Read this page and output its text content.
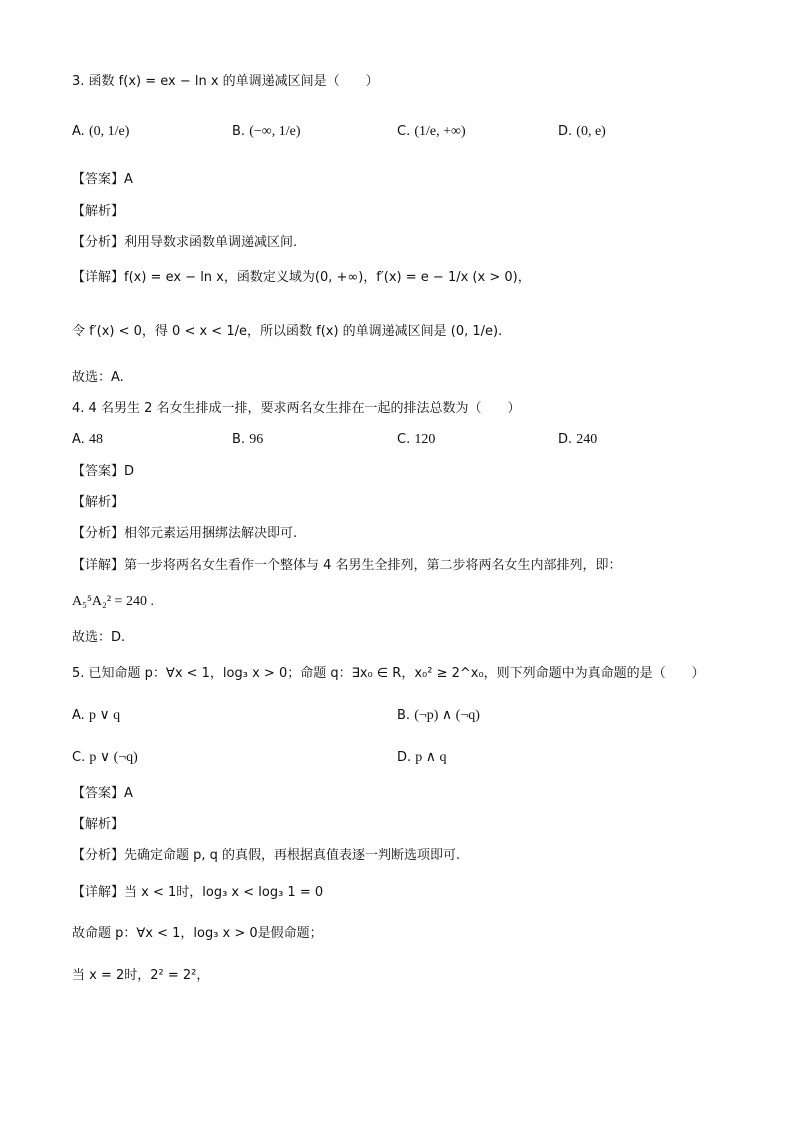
3. 函数 f(x) = ex − ln x 的单调递减区间是（　　）
A. (0, 1/e)	B. (−∞, 1/e)	C. (1/e, +∞)	D. (0, e)
【答案】A
【解析】
【分析】利用导数求函数单调递减区间.
【详解】f(x) = ex − ln x，函数定义域为(0, +∞)，f′(x) = e − 1/x (x > 0)，
令 f′(x) < 0，得 0 < x < 1/e，所以函数 f(x) 的单调递减区间是 (0, 1/e).
故选：A.
4. 4 名男生 2 名女生排成一排，要求两名女生排在一起的排法总数为（　　）
A. 48	B. 96	C. 120	D. 240
【答案】D
【解析】
【分析】相邻元素运用捆绑法解决即可.
【详解】第一步将两名女生看作一个整体与 4 名男生全排列，第二步将两名女生内部排列，即：
A₅⁵A₂² = 240 .
故选：D.
5. 已知命题 p：∀x < 1，log₃ x > 0；命题 q：∃x₀ ∈ R，x₀² ≥ 2^x₀，则下列命题中为真命题的是（　　）
A. p ∨ q	B. (¬p) ∧ (¬q)
C. p ∨ (¬q)	D. p ∧ q
【答案】A
【解析】
【分析】先确定命题 p, q 的真假，再根据真值表逐一判断选项即可.
【详解】当 x < 1时，log₃ x < log₃ 1 = 0
故命题 p：∀x < 1，log₃ x > 0是假命题；
当 x = 2时，2² = 2²，
